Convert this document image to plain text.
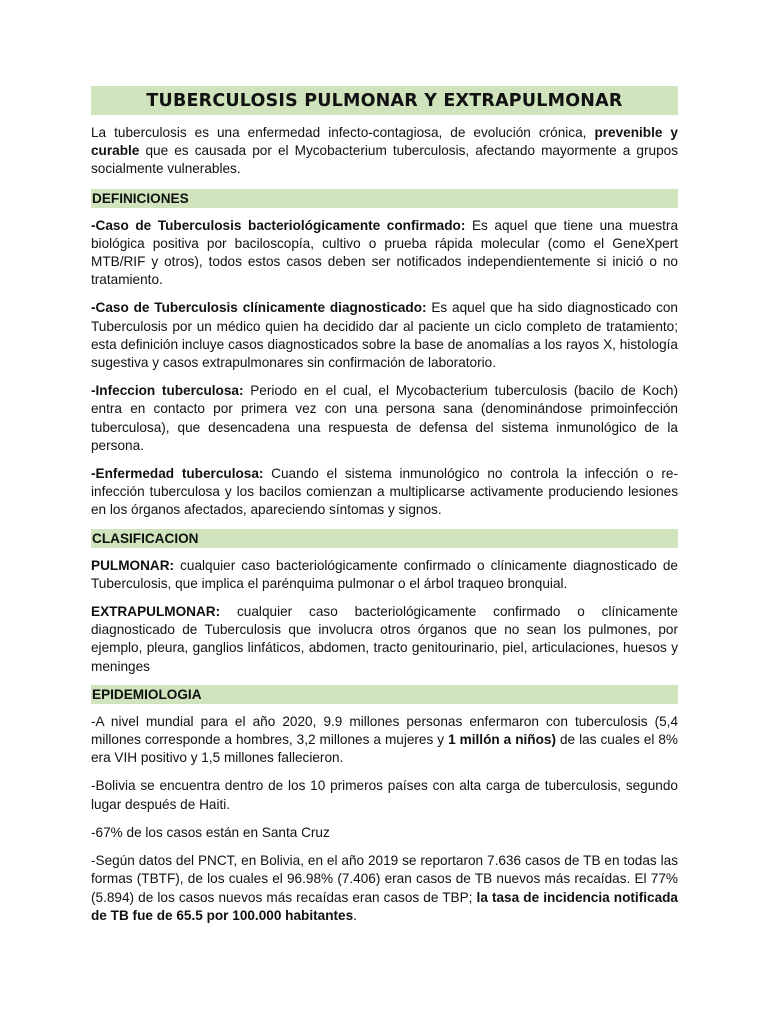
TUBERCULOSIS PULMONAR Y EXTRAPULMONAR

La tuberculosis es una enfermedad infecto-contagiosa, de evolución crónica, prevenible y curable que es causada por el Mycobacterium tuberculosis, afectando mayormente a grupos socialmente vulnerables.

DEFINICIONES

-Caso de Tuberculosis bacteriológicamente confirmado: Es aquel que tiene una muestra biológica positiva por baciloscopía, cultivo o prueba rápida molecular (como el GeneXpert MTB/RIF y otros), todos estos casos deben ser notificados independientemente si inició o no tratamiento.

-Caso de Tuberculosis clínicamente diagnosticado: Es aquel que ha sido diagnosticado con Tuberculosis por un médico quien ha decidido dar al paciente un ciclo completo de tratamiento; esta definición incluye casos diagnosticados sobre la base de anomalías a los rayos X, histología sugestiva y casos extrapulmonares sin confirmación de laboratorio.

-Infeccion tuberculosa: Periodo en el cual, el Mycobacterium tuberculosis (bacilo de Koch) entra en contacto por primera vez con una persona sana (denominándose primoinfección tuberculosa), que desencadena una respuesta de defensa del sistema inmunológico de la persona.

-Enfermedad tuberculosa: Cuando el sistema inmunológico no controla la infección o re-infección tuberculosa y los bacilos comienzan a multiplicarse activamente produciendo lesiones en los órganos afectados, apareciendo síntomas y signos.

CLASIFICACION

PULMONAR: cualquier caso bacteriológicamente confirmado o clínicamente diagnosticado de Tuberculosis, que implica el parénquima pulmonar o el árbol traqueo bronquial.

EXTRAPULMONAR: cualquier caso bacteriológicamente confirmado o clínicamente diagnosticado de Tuberculosis que involucra otros órganos que no sean los pulmones, por ejemplo, pleura, ganglios linfáticos, abdomen, tracto genitourinario, piel, articulaciones, huesos y meninges

EPIDEMIOLOGIA

-A nivel mundial para el año 2020, 9.9 millones personas enfermaron con tuberculosis (5,4 millones corresponde a hombres, 3,2 millones a mujeres y 1 millón a niños) de las cuales el 8% era VIH positivo y 1,5 millones fallecieron.

-Bolivia se encuentra dentro de los 10 primeros países con alta carga de tuberculosis, segundo lugar después de Haiti.

-67% de los casos están en Santa Cruz

-Según datos del PNCT, en Bolivia, en el año 2019 se reportaron 7.636 casos de TB en todas las formas (TBTF), de los cuales el 96.98% (7.406) eran casos de TB nuevos más recaídas. El 77% (5.894) de los casos nuevos más recaídas eran casos de TBP; la tasa de incidencia notificada de TB fue de 65.5 por 100.000 habitantes.
